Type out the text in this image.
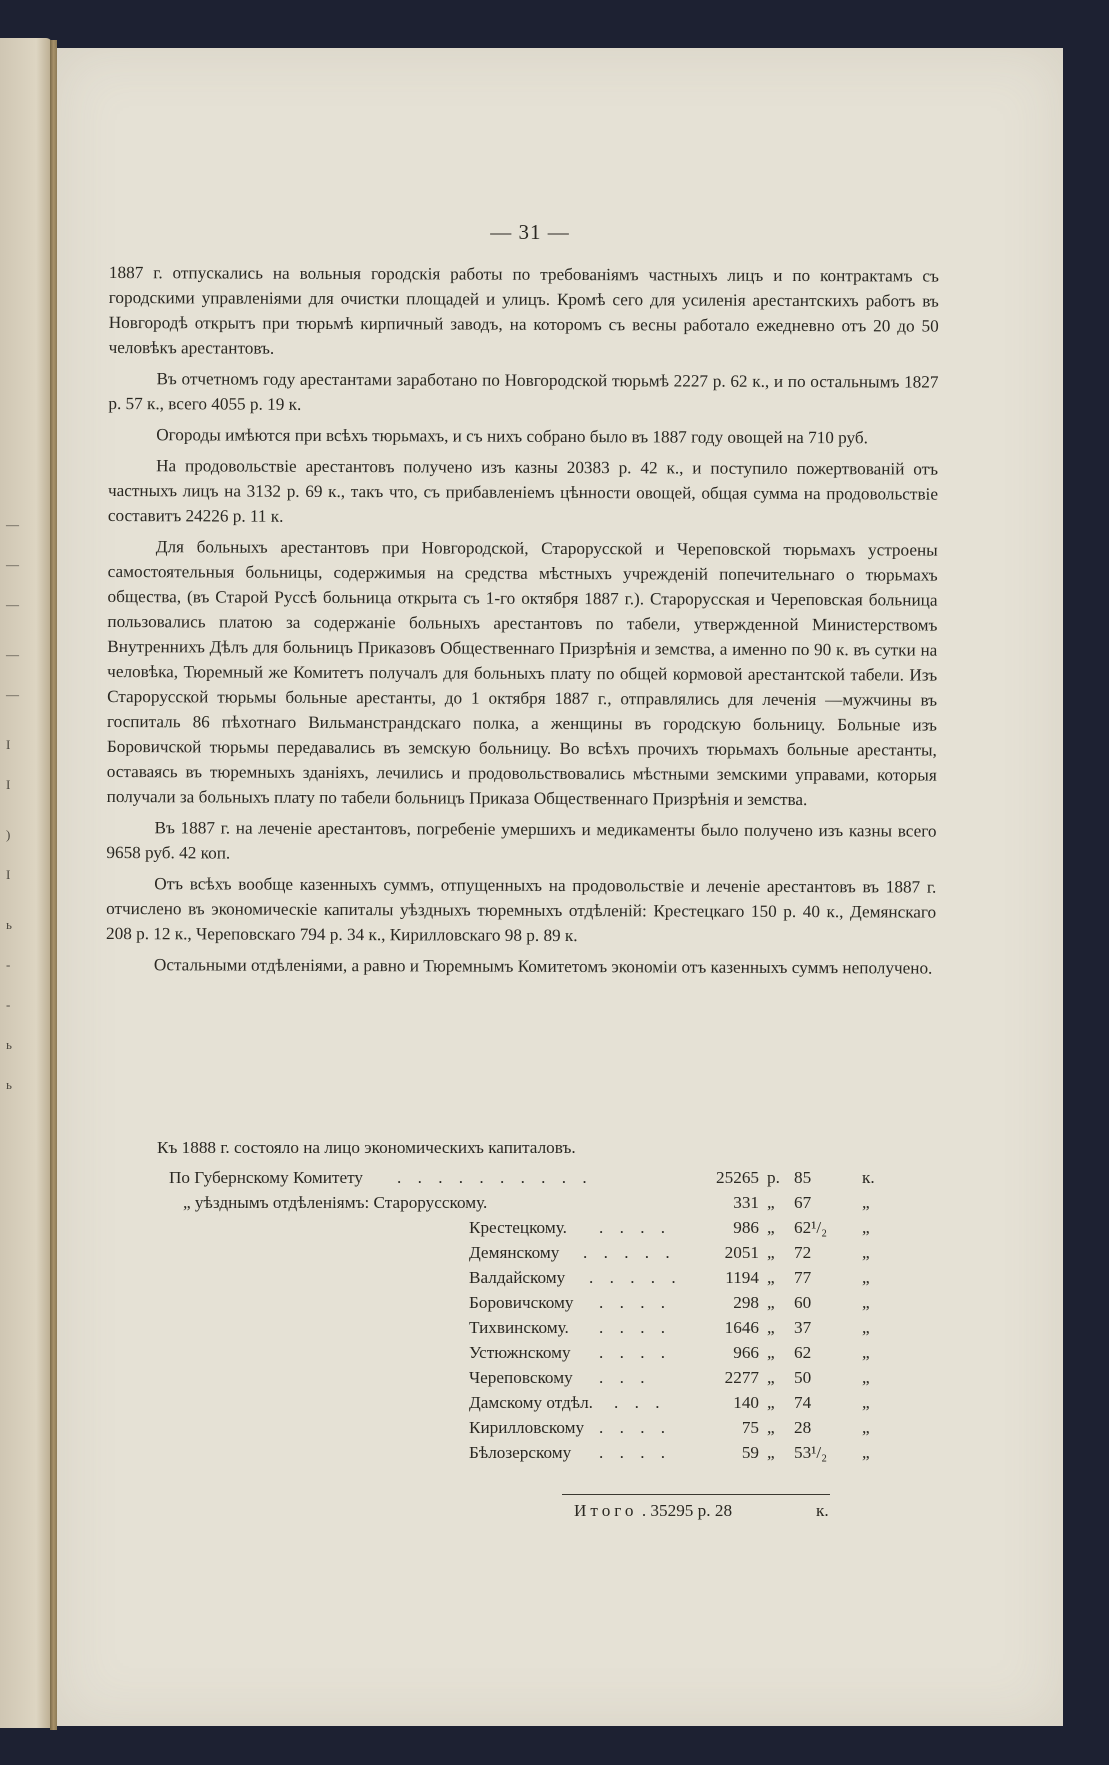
—
—
—
—
—
I
I
)
I
ь
-
-
ь
ь
— 31 —

1887 г. отпускались на вольныя городскія работы по требованіямъ частныхъ лицъ и по контрактамъ съ городскими управленіями для очистки площадей и улицъ. Кромѣ сего для усиленія арестантскихъ работъ въ Новгородѣ открытъ при тюрьмѣ кирпичный заводъ, на которомъ съ весны работало ежедневно отъ 20 до 50 человѣкъ арестантовъ.

Въ отчетномъ году арестантами заработано по Новгородской тюрьмѣ 2227 р. 62 к., и по остальнымъ 1827 р. 57 к., всего 4055 р. 19 к.

Огороды имѣются при всѣхъ тюрьмахъ, и съ нихъ собрано было въ 1887 году овощей на 710 руб.

На продовольствіе арестантовъ получено изъ казны 20383 р. 42 к., и поступило пожертвованій отъ частныхъ лицъ на 3132 р. 69 к., такъ что, съ прибавленіемъ цѣнности овощей, общая сумма на продовольствіе составитъ 24226 р. 11 к.

Для больныхъ арестантовъ при Новгородской, Старорусской и Череповской тюрьмахъ устроены самостоятельныя больницы, содержимыя на средства мѣстныхъ учрежденій попечительнаго о тюрьмахъ общества, (въ Старой Руссѣ больница открыта съ 1-го октября 1887 г.). Старорусская и Череповская больница пользовались платою за содержаніе больныхъ арестантовъ по табели, утвержденной Министерствомъ Внутреннихъ Дѣлъ для больницъ Приказовъ Общественнаго Призрѣнія и земства, а именно по 90 к. въ сутки на человѣка, Тюремный же Комитетъ получалъ для больныхъ плату по общей кормовой арестантской табели. Изъ Старорусской тюрьмы больные арестанты, до 1 октября 1887 г., отправлялись для леченія —мужчины въ госпиталь 86 пѣхотнаго Вильманстрандскаго полка, а женщины въ городскую больницу. Больные изъ Боровичской тюрьмы передавались въ земскую больницу. Во всѣхъ прочихъ тюрьмахъ больные арестанты, оставаясь въ тюремныхъ зданіяхъ, лечились и продовольствовались мѣстными земскими управами, которыя получали за больныхъ плату по табели больницъ Приказа Общественнаго Призрѣнія и земства.

Въ 1887 г. на леченіе арестантовъ, погребеніе умершихъ и медикаменты было получено изъ казны всего 9658 руб. 42 коп.

Отъ всѣхъ вообще казенныхъ суммъ, отпущенныхъ на продовольствіе и леченіе арестантовъ въ 1887 г. отчислено въ экономическіе капиталы уѣздныхъ тюремныхъ отдѣленій: Крестецкаго 150 р. 40 к., Демянскаго 208 р. 12 к., Череповскаго 794 р. 34 к., Кирилловскаго 98 р. 89 к.

Остальными отдѣленіями, а равно и Тюремнымъ Комитетомъ экономіи отъ казенныхъ суммъ неполучено.

Къ 1888 г. состояло на лицо экономическихъ капиталовъ.
По Губернскому Комитету . . . . . . . . . .	25265 р. 85	к.
„ уѣзднымъ отдѣленіямъ: Старорусскому.	331 „ 67	„
Крестецкому. . . . .	986 „ 62¹/₂	„
Демянскому . . . . .	2051 „ 72	„
Валдайскому . . . . .	1194 „ 77	„
Боровичскому . . . .	298 „ 60	„
Тихвинскому. . . . .	1646 „ 37	„
Устюжнскому . . . .	966 „ 62	„
Череповскому . . .	2277 „ 50	„
Дамскому отдѣл. . . .	140 „ 74	„
Кирилловскому . . . .	75 „ 28	„
Бѣлозерскому . . . .	59 „ 53¹/₂	„
Итого . 35295 р. 28	к.
